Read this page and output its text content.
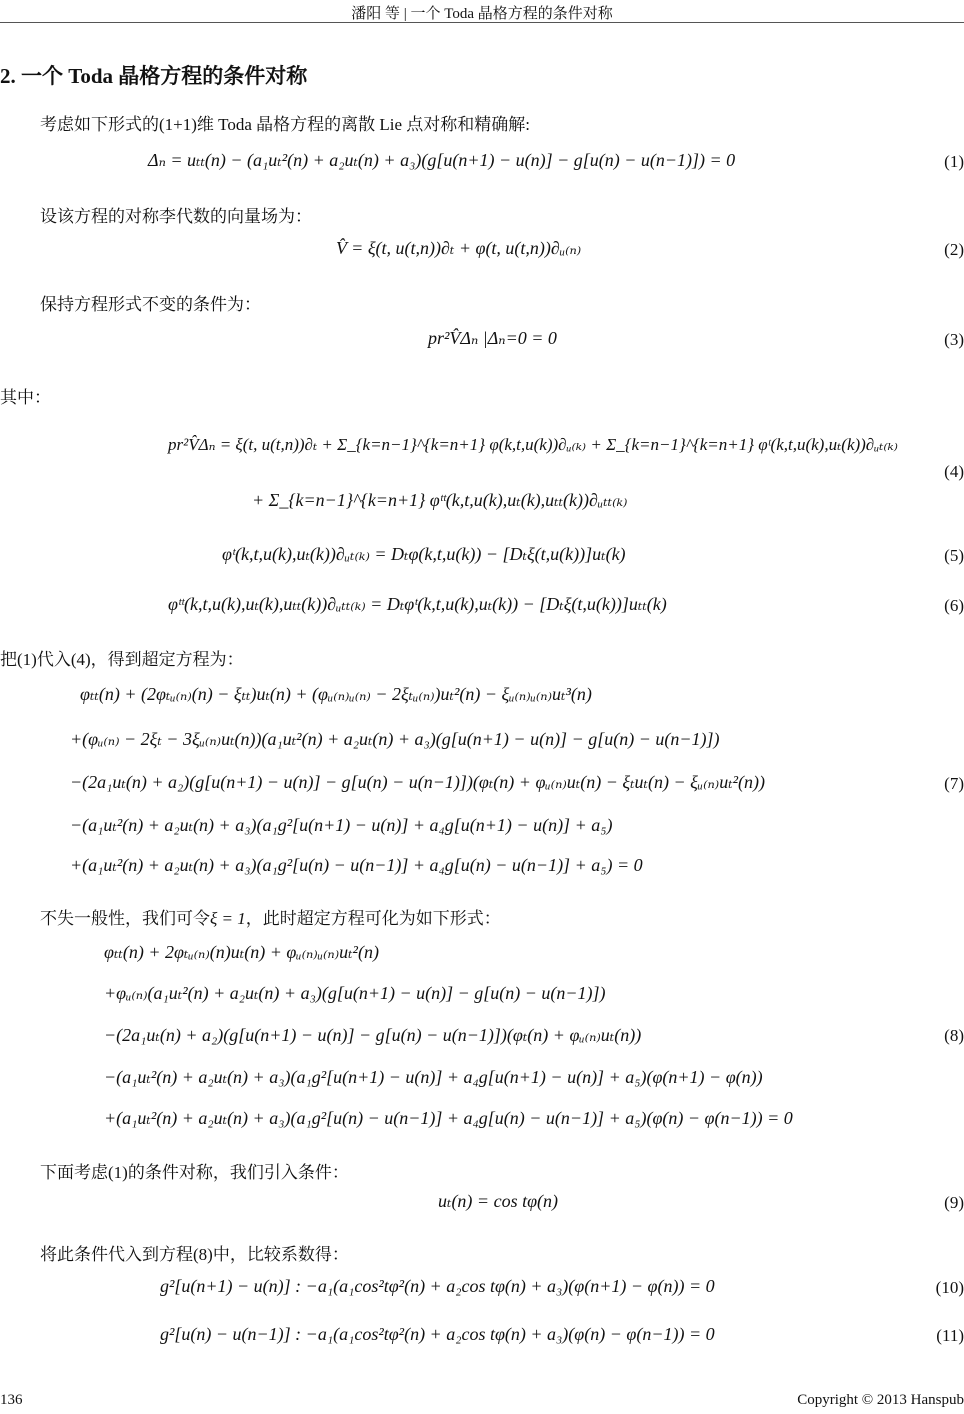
潘阳 等 | 一个 Toda 晶格方程的条件对称
2. 一个 Toda 晶格方程的条件对称
考虑如下形式的(1+1)维 Toda 晶格方程的离散 Lie 点对称和精确解:
Δₙ = uₜₜ(n) − (a₁uₜ²(n) + a₂uₜ(n) + a₃)(g[u(n+1) − u(n)] − g[u(n) − u(n−1)]) = 0	(1)
设该方程的对称李代数的向量场为：
V̂ = ξ(t, u(t,n))∂ₜ + φ(t, u(t,n))∂ᵤ₍ₙ₎	(2)
保持方程形式不变的条件为：
pr²V̂Δₙ |Δₙ=0 = 0	(3)
其中：
pr²V̂Δₙ = ξ(t, u(t,n))∂ₜ + Σ_{k=n−1}^{k=n+1} φ(k,t,u(k))∂ᵤ₍ₖ₎ + Σ_{k=n−1}^{k=n+1} φᵗ(k,t,u(k),uₜ(k))∂ᵤₜ₍ₖ₎
+ Σ_{k=n−1}^{k=n+1} φᵗᵗ(k,t,u(k),uₜ(k),uₜₜ(k))∂ᵤₜₜ₍ₖ₎
(4)
φᵗ(k,t,u(k),uₜ(k))∂ᵤₜ₍ₖ₎ = Dₜφ(k,t,u(k)) − [Dₜξ(t,u(k))]uₜ(k)	(5)
φᵗᵗ(k,t,u(k),uₜ(k),uₜₜ(k))∂ᵤₜₜ₍ₖ₎ = Dₜφᵗ(k,t,u(k),uₜ(k)) − [Dₜξ(t,u(k))]uₜₜ(k)	(6)
把(1)代入(4)，得到超定方程为：
φₜₜ(n) + (2φₜᵤ₍ₙ₎(n) − ξₜₜ)uₜ(n) + (φᵤ₍ₙ₎ᵤ₍ₙ₎ − 2ξₜᵤ₍ₙ₎)uₜ²(n) − ξᵤ₍ₙ₎ᵤ₍ₙ₎uₜ³(n)
+(φᵤ₍ₙ₎ − 2ξₜ − 3ξᵤ₍ₙ₎uₜ(n))(a₁uₜ²(n) + a₂uₜ(n) + a₃)(g[u(n+1) − u(n)] − g[u(n) − u(n−1)])
−(2a₁uₜ(n) + a₂)(g[u(n+1) − u(n)] − g[u(n) − u(n−1)])(φₜ(n) + φᵤ₍ₙ₎uₜ(n) − ξₜuₜ(n) − ξᵤ₍ₙ₎uₜ²(n))
−(a₁uₜ²(n) + a₂uₜ(n) + a₃)(a₁g²[u(n+1) − u(n)] + a₄g[u(n+1) − u(n)] + a₅)
+(a₁uₜ²(n) + a₂uₜ(n) + a₃)(a₁g²[u(n) − u(n−1)] + a₄g[u(n) − u(n−1)] + a₅) = 0
(7)
不失一般性，我们可令ξ = 1，此时超定方程可化为如下形式：
φₜₜ(n) + 2φₜᵤ₍ₙ₎(n)uₜ(n) + φᵤ₍ₙ₎ᵤ₍ₙ₎uₜ²(n)
+φᵤ₍ₙ₎(a₁uₜ²(n) + a₂uₜ(n) + a₃)(g[u(n+1) − u(n)] − g[u(n) − u(n−1)])
−(2a₁uₜ(n) + a₂)(g[u(n+1) − u(n)] − g[u(n) − u(n−1)])(φₜ(n) + φᵤ₍ₙ₎uₜ(n))
−(a₁uₜ²(n) + a₂uₜ(n) + a₃)(a₁g²[u(n+1) − u(n)] + a₄g[u(n+1) − u(n)] + a₅)(φ(n+1) − φ(n))
+(a₁uₜ²(n) + a₂uₜ(n) + a₃)(a₁g²[u(n) − u(n−1)] + a₄g[u(n) − u(n−1)] + a₅)(φ(n) − φ(n−1)) = 0
(8)
下面考虑(1)的条件对称，我们引入条件：
uₜ(n) = cos tφ(n)	(9)
将此条件代入到方程(8)中，比较系数得：
g²[u(n+1) − u(n)] : −a₁(a₁cos²tφ²(n) + a₂cos tφ(n) + a₃)(φ(n+1) − φ(n)) = 0	(10)
g²[u(n) − u(n−1)] : −a₁(a₁cos²tφ²(n) + a₂cos tφ(n) + a₃)(φ(n) − φ(n−1)) = 0	(11)
136	Copyright © 2013 Hanspub
